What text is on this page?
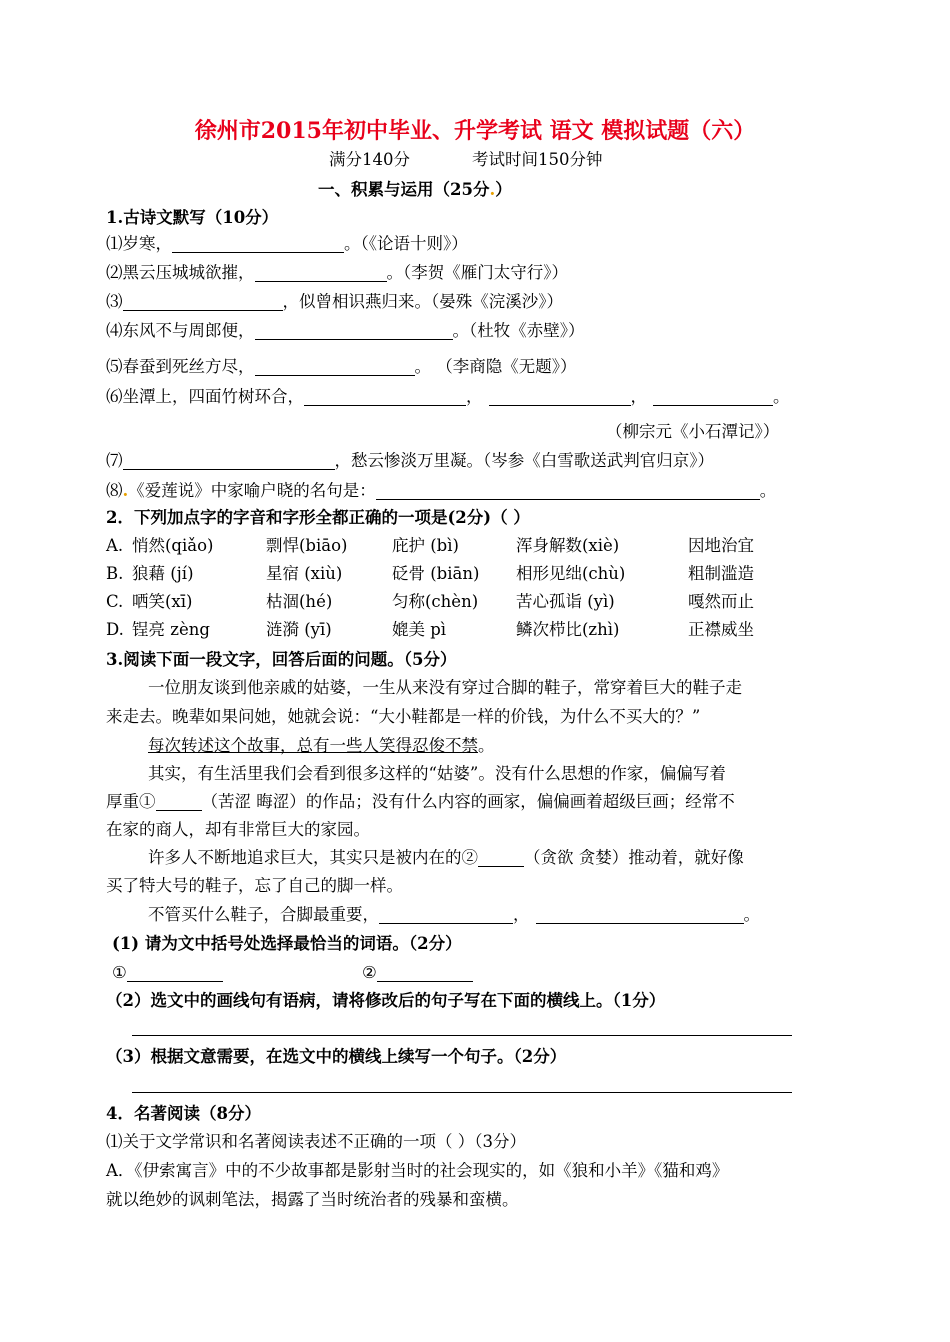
徐州市2015年初中毕业、升学考试 语文 模拟试题（六）
满分140分	考试时间150分钟
一、积累与运用（25分.）
1.古诗文默写（10分）
⑴岁寒，	。（《论语十则》）
⑵黑云压城城欲摧，	。（李贺《雁门太守行》）
⑶	，似曾相识燕归来。（晏殊《浣溪沙》）
⑷东风不与周郎便，	。（杜牧《赤壁》）
⑸春蚕到死丝方尽，	。 （李商隐《无题》）
⑹坐潭上，四面竹树环合，	，	，	。
（柳宗元《小石潭记》）
⑺	，愁云惨淡万里凝。（岑参《白雪歌送武判官归京》）
⑻.《爱莲说》中家喻户晓的名句是：	。
2．下列加点字的字音和字形全都正确的一项是(2分)（ ）
A. 悄然(qiǎo)	剽悍(biāo)	庇护 (bì)	浑身解数(xiè)	因地治宜
B. 狼藉 (jí)	星宿 (xiù)	砭骨 (biān) 相形见绌(chù)	粗制滥造
C. 哂笑(xī)	枯涸(hé)	匀称(chèn) 苦心孤诣 (yì)	嘎然而止
D. 锃亮 zèng	涟漪 (yī)	媲美 pì	鳞次栉比(zhì)	正襟威坐
3.阅读下面一段文字，回答后面的问题。（5分）
一位朋友谈到他亲戚的姑婆，一生从来没有穿过合脚的鞋子，常穿着巨大的鞋子走
来走去。晚辈如果问她，她就会说：“大小鞋都是一样的价钱，为什么不买大的？”
每次转述这个故事，总有一些人笑得忍俊不禁。
其实，有生活里我们会看到很多这样的“姑婆”。没有什么思想的作家，偏偏写着
厚重①	（苦涩 晦涩）的作品；没有什么内容的画家，偏偏画着超级巨画；经常不
在家的商人，却有非常巨大的家园。
许多人不断地追求巨大，其实只是被内在的②	（贪欲 贪婪）推动着，就好像
买了特大号的鞋子，忘了自己的脚一样。
不管买什么鞋子，合脚最重要，	，	。
(1) 请为文中括号处选择最恰当的词语。（2分）
①	②
（2）选文中的画线句有语病，请将修改后的句子写在下面的横线上。（1分）
（3）根据文意需要，在选文中的横线上续写一个句子。（2分）
4．名著阅读（8分）
⑴关于文学常识和名著阅读表述不正确的一项（ ）（3分）
A．《伊索寓言》中的不少故事都是影射当时的社会现实的，如《狼和小羊》《猫和鸡》
就以绝妙的讽刺笔法，揭露了当时统治者的残暴和蛮横。
